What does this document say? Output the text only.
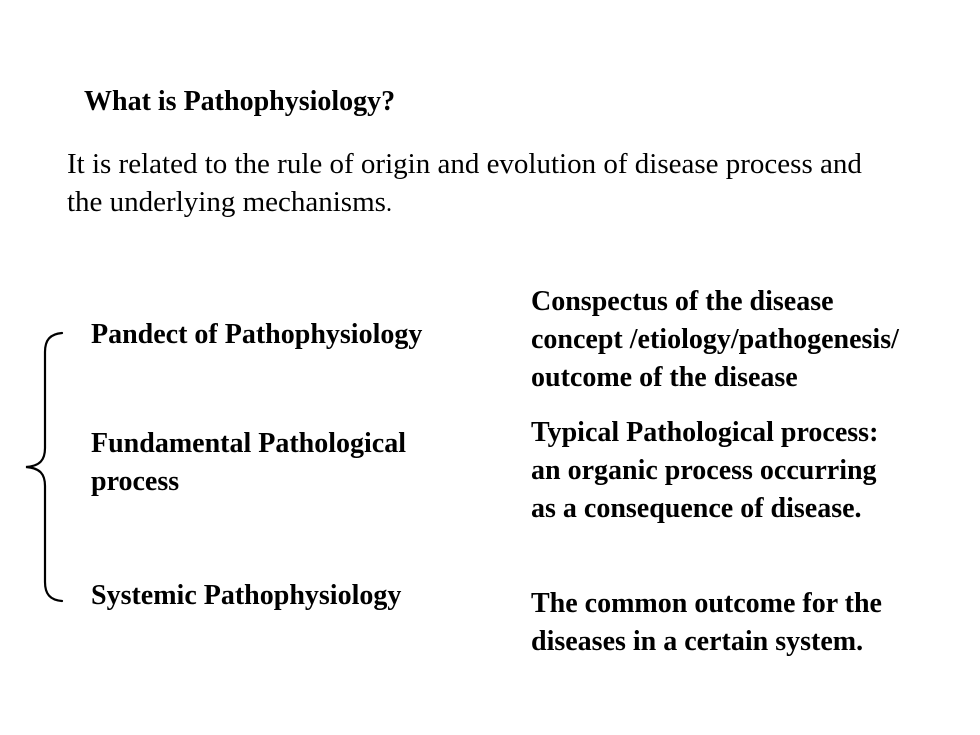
What is Pathophysiology?
It is related to the rule of origin and evolution of disease process and the underlying mechanisms.
Pandect of Pathophysiology
Fundamental Pathological
process
Systemic Pathophysiology
Conspectus of the disease
concept /etiology/pathogenesis/
outcome of the disease
Typical Pathological process:
an organic process occurring
as a consequence of disease.
The common outcome for the
diseases in a certain system.
